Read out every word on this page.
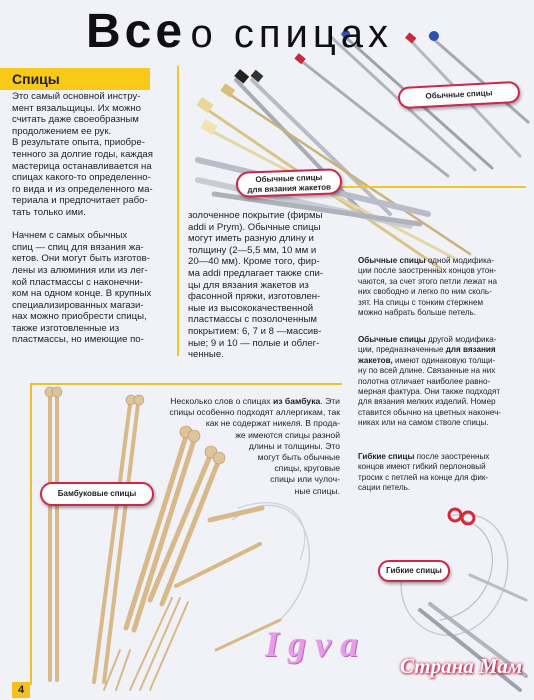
Все о спицах
Спицы
Это самый основной инстру-
мент вязальщицы. Их можно
считать даже своеобразным
продолжением ее рук.
В результате опыта, приобре-
тенного за долгие годы, каждая
мастерица останавливается на
спицах какого-то определенно-
го вида и из определенного ма-
териала и предпочитает рабо-
тать только ими.
Начнем с самых обычных
спиц — спиц для вязания жа-
кетов. Они могут быть изготов-
лены из алюминия или из лег-
кой пластмассы с наконечни-
ком на одном конце. В крупных
специализированных магази-
нах можно приобрести спицы,
также изготовленные из
пластмассы, но имеющие по-
золоченное покрытие (фирмы
addi и Prym). Обычные спицы
могут иметь разную длину и
толщину (2—5,5 мм, 10 мм и
20—40 мм). Кроме того, фир-
ма addi предлагает также спи-
цы для вязания жакетов из
фасонной пряжи, изготовлен-
ные из высококачественной
пластмассы с позолоченным
покрытием: 6, 7 и 8 —массив-
ные; 9 и 10 — полые и облег-
ченные.
Обычные спицы одной модифика-
ции после заостренных концов утон-
чаются, за счет этого петли лежат на
них свободно и легко по ним сколь-
зят. На спицы с тонким стержнем
можно набрать больше петель.
Обычные спицы другой модифика-
ции, предназначенные для вязания
жакетов, имеют одинаковую толщи-
ну по всей длине. Связанные на них
полотна отличает наиболее равно-
мерная фактура. Они также подходят
для вязания мелких изделий. Номер
ставится обычно на цветных наконеч-
никах или на самом стволе спицы.
Гибкие спицы после заостренных
концов имеют гибкий перлоновый
тросик с петлей на конце для фик-
сации петель.
Несколько слов о спицах из бамбука. Эти
спицы особенно подходят аллергикам, так
как не содержат никеля. В прода-
же имеются спицы разной
длины и толщины. Это
могут быть обычные
спицы, круговые
спицы или чулоч-
ные спицы.
Обычные спицы
Обычные спицы
для вязания жакетов
Бамбуковые спицы
Гибкие спицы
4
Igva
Страна Мам
